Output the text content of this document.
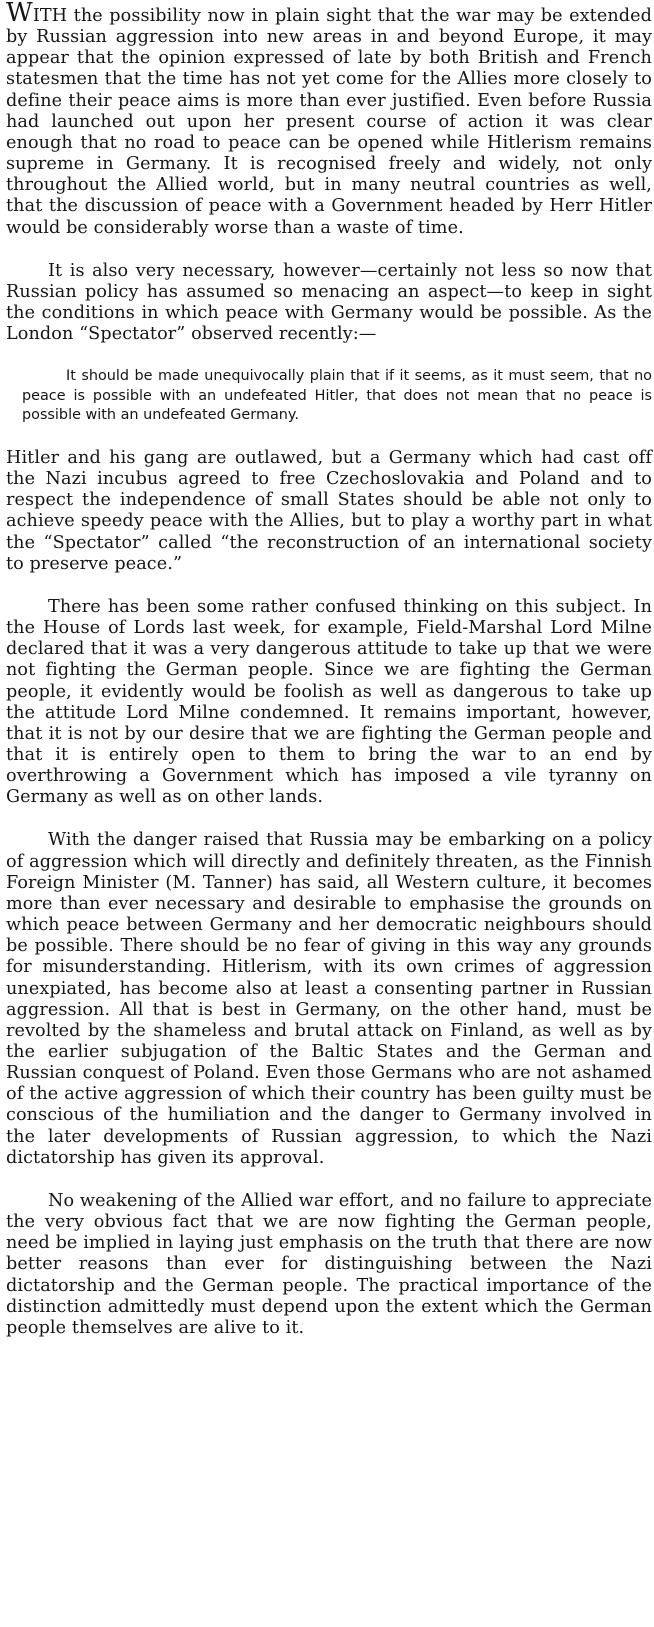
WITH the possibility now in plain sight that the war may be extended by Russian aggression into new areas in and beyond Europe, it may appear that the opinion expressed of late by both British and French statesmen that the time has not yet come for the Allies more closely to define their peace aims is more than ever justified. Even before Russia had launched out upon her present course of action it was clear enough that no road to peace can be opened while Hitlerism remains supreme in Germany. It is recognised freely and widely, not only throughout the Allied world, but in many neutral countries as well, that the discussion of peace with a Government headed by Herr Hitler would be considerably worse than a waste of time.

It is also very necessary, however—certainly not less so now that Russian policy has assumed so menacing an aspect—to keep in sight the conditions in which peace with Germany would be possible. As the London “Spectator” observed recently:—

It should be made unequivocally plain that if it seems, as it must seem, that no peace is possible with an undefeated Hitler, that does not mean that no peace is possible with an undefeated Germany.

Hitler and his gang are outlawed, but a Germany which had cast off the Nazi incubus agreed to free Czechoslovakia and Poland and to respect the independence of small States should be able not only to achieve speedy peace with the Allies, but to play a worthy part in what the “Spectator” called “the reconstruction of an international society to preserve peace.”

There has been some rather confused thinking on this subject. In the House of Lords last week, for example, Field-Marshal Lord Milne declared that it was a very dangerous attitude to take up that we were not fighting the German people. Since we are fighting the German people, it evidently would be foolish as well as dangerous to take up the attitude Lord Milne condemned. It remains important, however, that it is not by our desire that we are fighting the German people and that it is entirely open to them to bring the war to an end by overthrowing a Government which has imposed a vile tyranny on Germany as well as on other lands.

With the danger raised that Russia may be embarking on a policy of aggression which will directly and definitely threaten, as the Finnish Foreign Minister (M. Tanner) has said, all Western culture, it becomes more than ever necessary and desirable to emphasise the grounds on which peace between Germany and her democratic neighbours should be possible. There should be no fear of giving in this way any grounds for misunderstanding. Hitlerism, with its own crimes of aggression unexpiated, has become also at least a consenting partner in Russian aggression. All that is best in Germany, on the other hand, must be revolted by the shameless and brutal attack on Finland, as well as by the earlier subjugation of the Baltic States and the German and Russian conquest of Poland. Even those Germans who are not ashamed of the active aggression of which their country has been guilty must be conscious of the humiliation and the danger to Germany involved in the later developments of Russian aggression, to which the Nazi dictatorship has given its approval.

No weakening of the Allied war effort, and no failure to appreciate the very obvious fact that we are now fighting the German people, need be implied in laying just emphasis on the truth that there are now better reasons than ever for distinguishing between the Nazi dictatorship and the German people. The practical importance of the distinction admittedly must depend upon the extent which the German people themselves are alive to it.
